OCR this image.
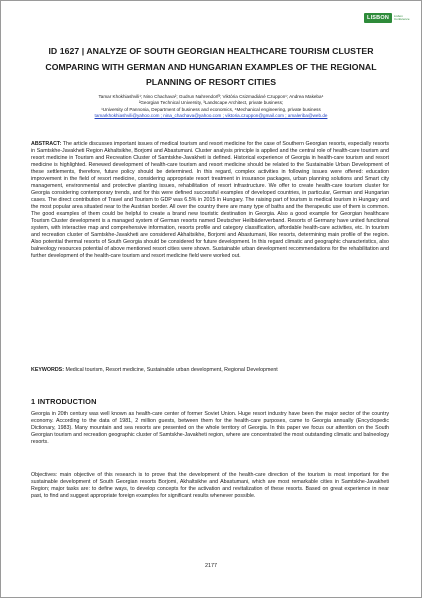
LISBON	Lisbon Conference
ID 1627 | ANALYZE OF SOUTH GEORGIAN HEALTHCARE TOURISM CLUSTER COMPARING WITH GERMAN AND HUNGARIAN EXAMPLES OF THE REGIONAL PLANNING OF RESORT CITIES
Tamar Khokhiashvili¹; Nino Chachava²; Gudrun Nahrendorf³; Viktória Csizmadiáné Czuppon¹; Andrea Makeba⁴
²Georgian Technical University, ³Landscape Architect, private business;
¹University of Pannonia, Department of business and economics, ⁴Mechanical engineering, private business
tamarkhokhiashvili@yahoo.com ; nina_chachava@yahoo.com ; viktoria.czuppon@gmail.com ; amaleriba@web.de
ABSTRACT: The article discusses important issues of medical tourism and resort medicine for the case of Southern Georgian resorts, especially resorts in Samtskhe-Javakheti Region Akhaltsikhe, Borjomi and Abastumani. Cluster analysis principle is applied and the central role of health-care tourism and resort medicine in Tourism and Recreation Cluster of Samtskhe-Javakheti is defined. Historical experience of Georgia in health-care tourism and resort medicine is highlighted. Renewed development of health-care tourism and resort medicine should be related to the Sustainable Urban Development of these settlements, therefore, future policy should be determined. In this regard, complex activities in following issues were offered: education improvement in the field of resort medicine, considering appropriate resort treatment in insurance packages, urban planning solutions and Smart city management, environmental and protective planting issues, rehabilitation of resort infrastructure. We offer to create health-care tourism cluster for Georgia considering contemporary trends, and for this were defined successful examples of developed countries, in particular, German and Hungarian cases. The direct contribution of Travel and Tourism to GDP was 6.5% in 2015 in Hungary. The raising part of tourism is medical tourism in Hungary and the most popular area situated near to the Austrian border. All over the country there are many type of baths and the therapeutic use of them is common. The good examples of them could be helpful to create a brand new touristic destination in Georgia. Also a good example for Georgian healthcare Tourism Cluster development is a managed system of German resorts named Deutscher Heilbäderverband. Resorts of Germany have united functional system, with interactive map and comprehensive information, resorts profile and category classification, affordable health-care activities, etc. In tourism and recreation cluster of Samtskhe-Javakheti are considered Akhaltsikhe, Borjomi and Abastumani, like resorts, determining main profile of the region. Also potential thermal resorts of South Georgia should be considered for future development. In this regard climatic and geographic characteristics, also balneology resources potential of above mentioned resort cities were shown. Sustainable urban development recommendations for the rehabilitation and further development of the health-care tourism and resort medicine field were worked out.
KEYWORDS: Medical tourism, Resort medicine, Sustainable urban development, Regional Development
1 INTRODUCTION
Georgia in 20th century was well known as health-care center of former Soviet Union. Huge resort industry have been the major sector of the country economy. According to the data of 1981, 2 million guests, between them for the health-care purposes, came to Georgia annually (Encyclopedic Dictionary, 1983). Many mountain and sea resorts are presented on the whole territory of Georgia. In this paper we focus our attention on the South Georgian tourism and recreation geographic cluster of Samtskhe-Javakheti region, where are concentrated the most outstanding climatic and balneology resorts.
Objectives: main objective of this research is to prove that the development of the health-care direction of the tourism is most important for the sustainable development of South Georgian resorts Borjomi, Akhaltsikhe and Abastumani, which are most remarkable cities in Samtskhe-Javakheti Region; major tasks are: to define ways, to develop concepts for the activation and revitalization of these resorts. Based on great experience in near past, to find and suggest appropriate foreign examples for significant results whenever possible.
2177
